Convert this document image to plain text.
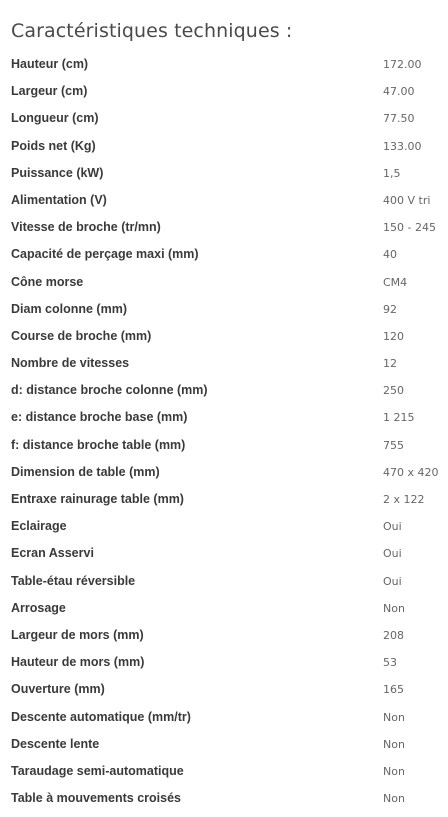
Caractéristiques techniques :
Hauteur (cm)	172.00
Largeur (cm)	47.00
Longueur (cm)	77.50
Poids net (Kg)	133.00
Puissance (kW)	1,5
Alimentation (V)	400 V tri
Vitesse de broche (tr/mn)	150 - 245
Capacité de perçage maxi (mm)	40
Cône morse	CM4
Diam colonne (mm)	92
Course de broche (mm)	120
Nombre de vitesses	12
d: distance broche colonne (mm)	250
e: distance broche base (mm)	1 215
f: distance broche table (mm)	755
Dimension de table (mm)	470 x 420
Entraxe rainurage table (mm)	2 x 122
Eclairage	Oui
Ecran Asservi	Oui
Table-étau réversible	Oui
Arrosage	Non
Largeur de mors (mm)	208
Hauteur de mors (mm)	53
Ouverture (mm)	165
Descente automatique (mm/tr)	Non
Descente lente	Non
Taraudage semi-automatique	Non
Table à mouvements croisés	Non
